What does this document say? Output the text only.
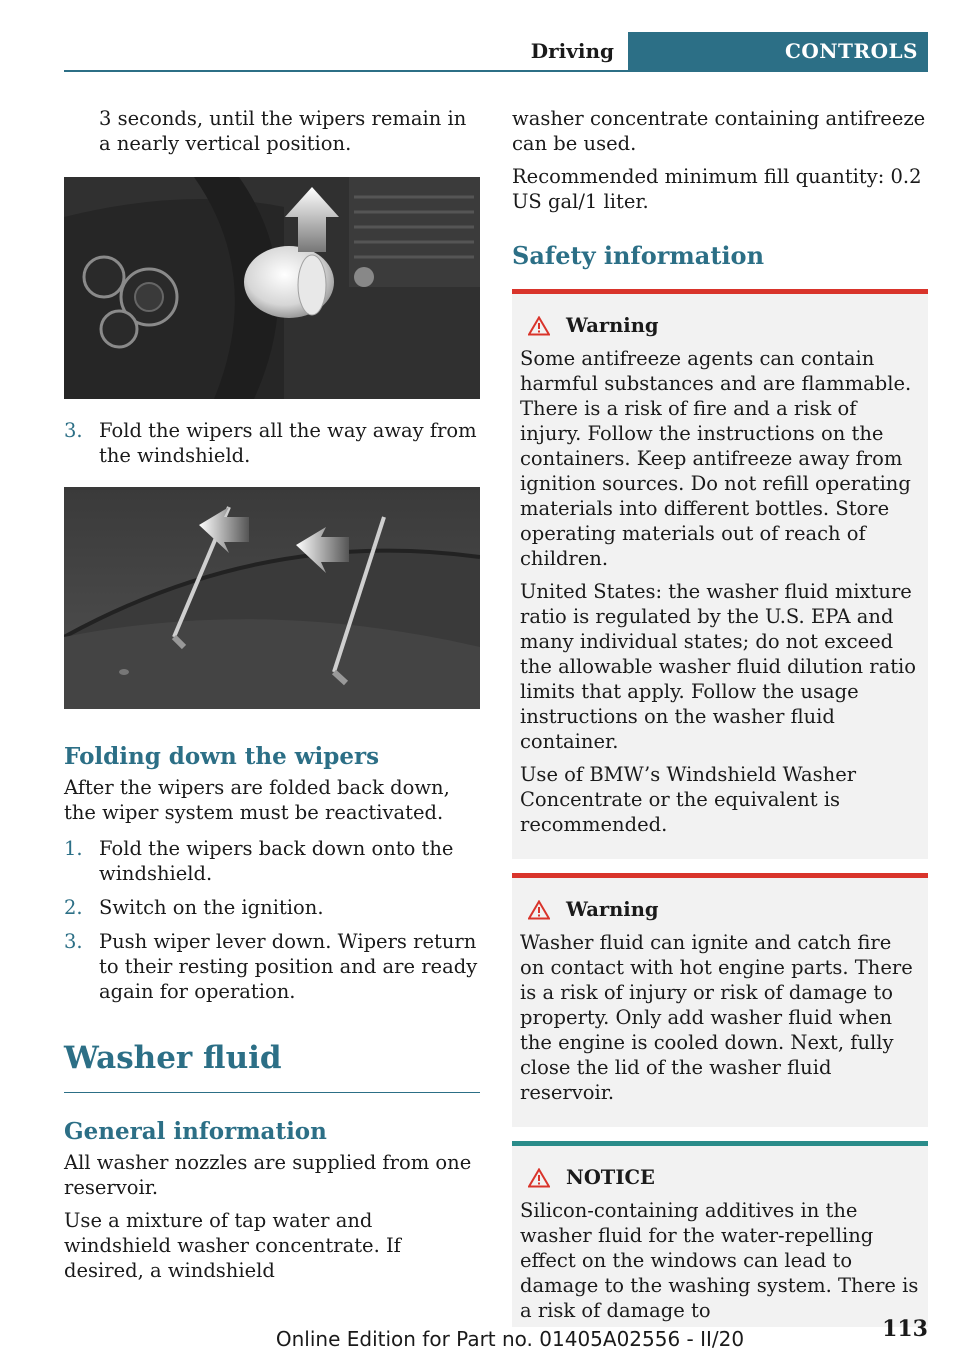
Driving	CONTROLS

3 seconds, until the wipers remain in a nearly vertical position.

3. Fold the wipers all the way away from the windshield.
Folding down the wipers

After the wipers are folded back down, the wiper system must be reactivated.

1. Fold the wipers back down onto the windshield.
2. Switch on the ignition.
3. Push wiper lever down. Wipers return to their resting position and are ready again for operation.
Washer fluid
General information

All washer nozzles are supplied from one reservoir.

Use a mixture of tap water and windshield washer concentrate. If desired, a windshield

washer concentrate containing antifreeze can be used.

Recommended minimum fill quantity: 0.2 US gal/1 liter.

Safety information
Warning

Some antifreeze agents can contain harmful substances and are flammable. There is a risk of fire and a risk of injury. Follow the instructions on the containers. Keep antifreeze away from ignition sources. Do not refill operating materials into different bottles. Store operating materials out of reach of children.

United States: the washer fluid mixture ratio is regulated by the U.S. EPA and many individual states; do not exceed the allowable washer fluid dilution ratio limits that apply. Follow the usage instructions on the washer fluid container.

Use of BMW’s Windshield Washer Concentrate or the equivalent is recommended.

Warning

Washer fluid can ignite and catch fire on contact with hot engine parts. There is a risk of injury or risk of damage to property. Only add washer fluid when the engine is cooled down. Next, fully close the lid of the washer fluid reservoir.

NOTICE

Silicon-containing additives in the washer fluid for the water-repelling effect on the windows can lead to damage to the washing system. There is a risk of damage to

113
Online Edition for Part no. 01405A02556 - II/20
